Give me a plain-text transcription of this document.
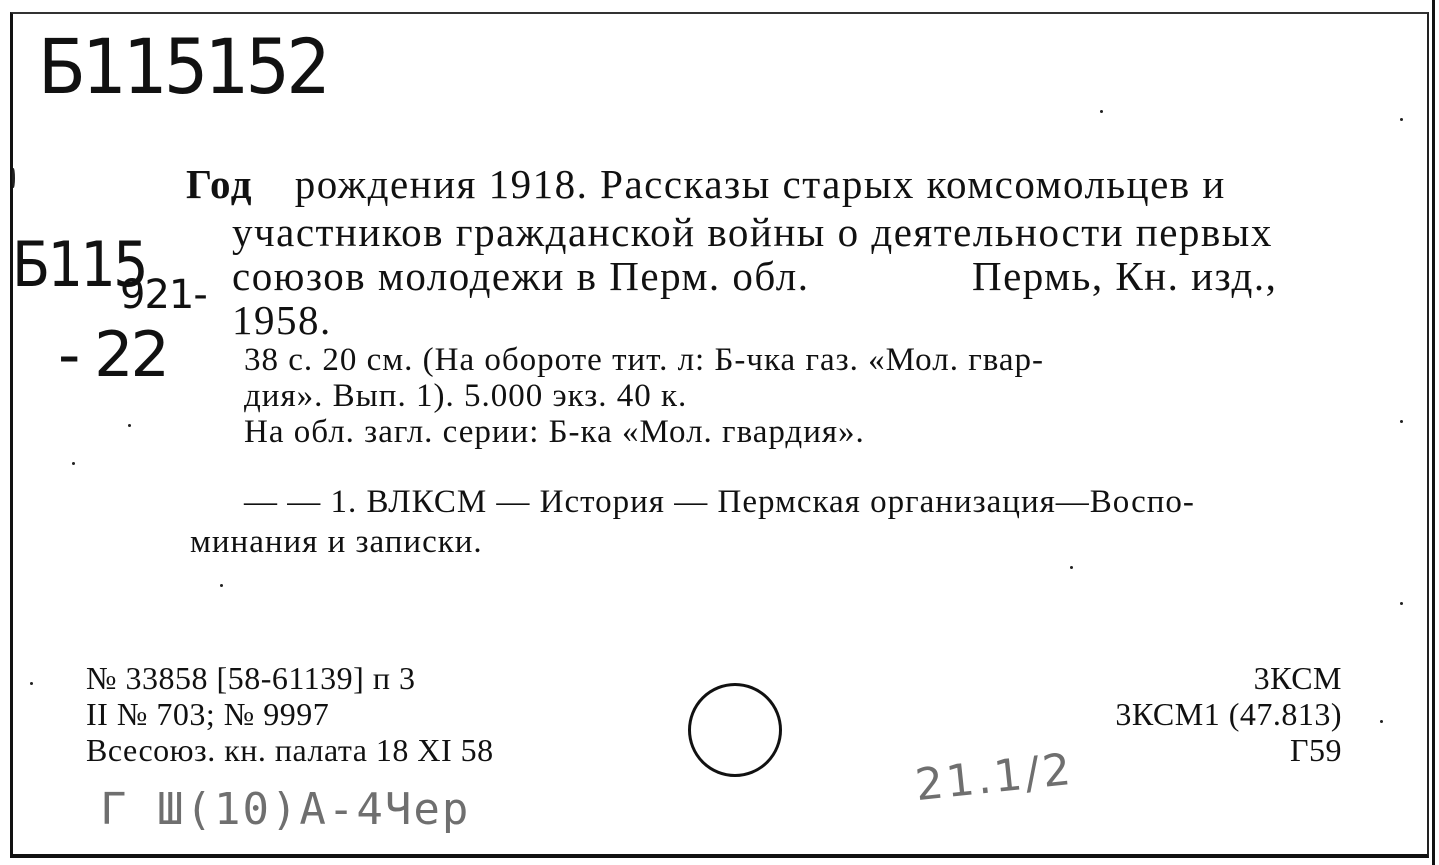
Б115152
Б115
921-
- 22
Год рождения 1918. Рассказы старых комсомольцев и
участников гражданской войны о деятельности первых
союзов молодежи в Перм. обл.	Пермь, Кн. изд.,
1958.
38 с. 20 см. (На обороте тит. л: Б-чка газ. «Мол. гвар-
дия». Вып. 1). 5.000 экз. 40 к.
На обл. загл. серии: Б-ка «Мол. гвардия».
— — 1. ВЛКСМ — История — Пермская организация—Воспо-
минания и записки.
№ 33858 [58-61139] п 3
II № 703; № 9997
Всесоюз. кн. палата 18 XI 58
3КСМ
3КСМ1 (47.813)
Г59
Г Ш(10)А-4Чер	21.1/2
